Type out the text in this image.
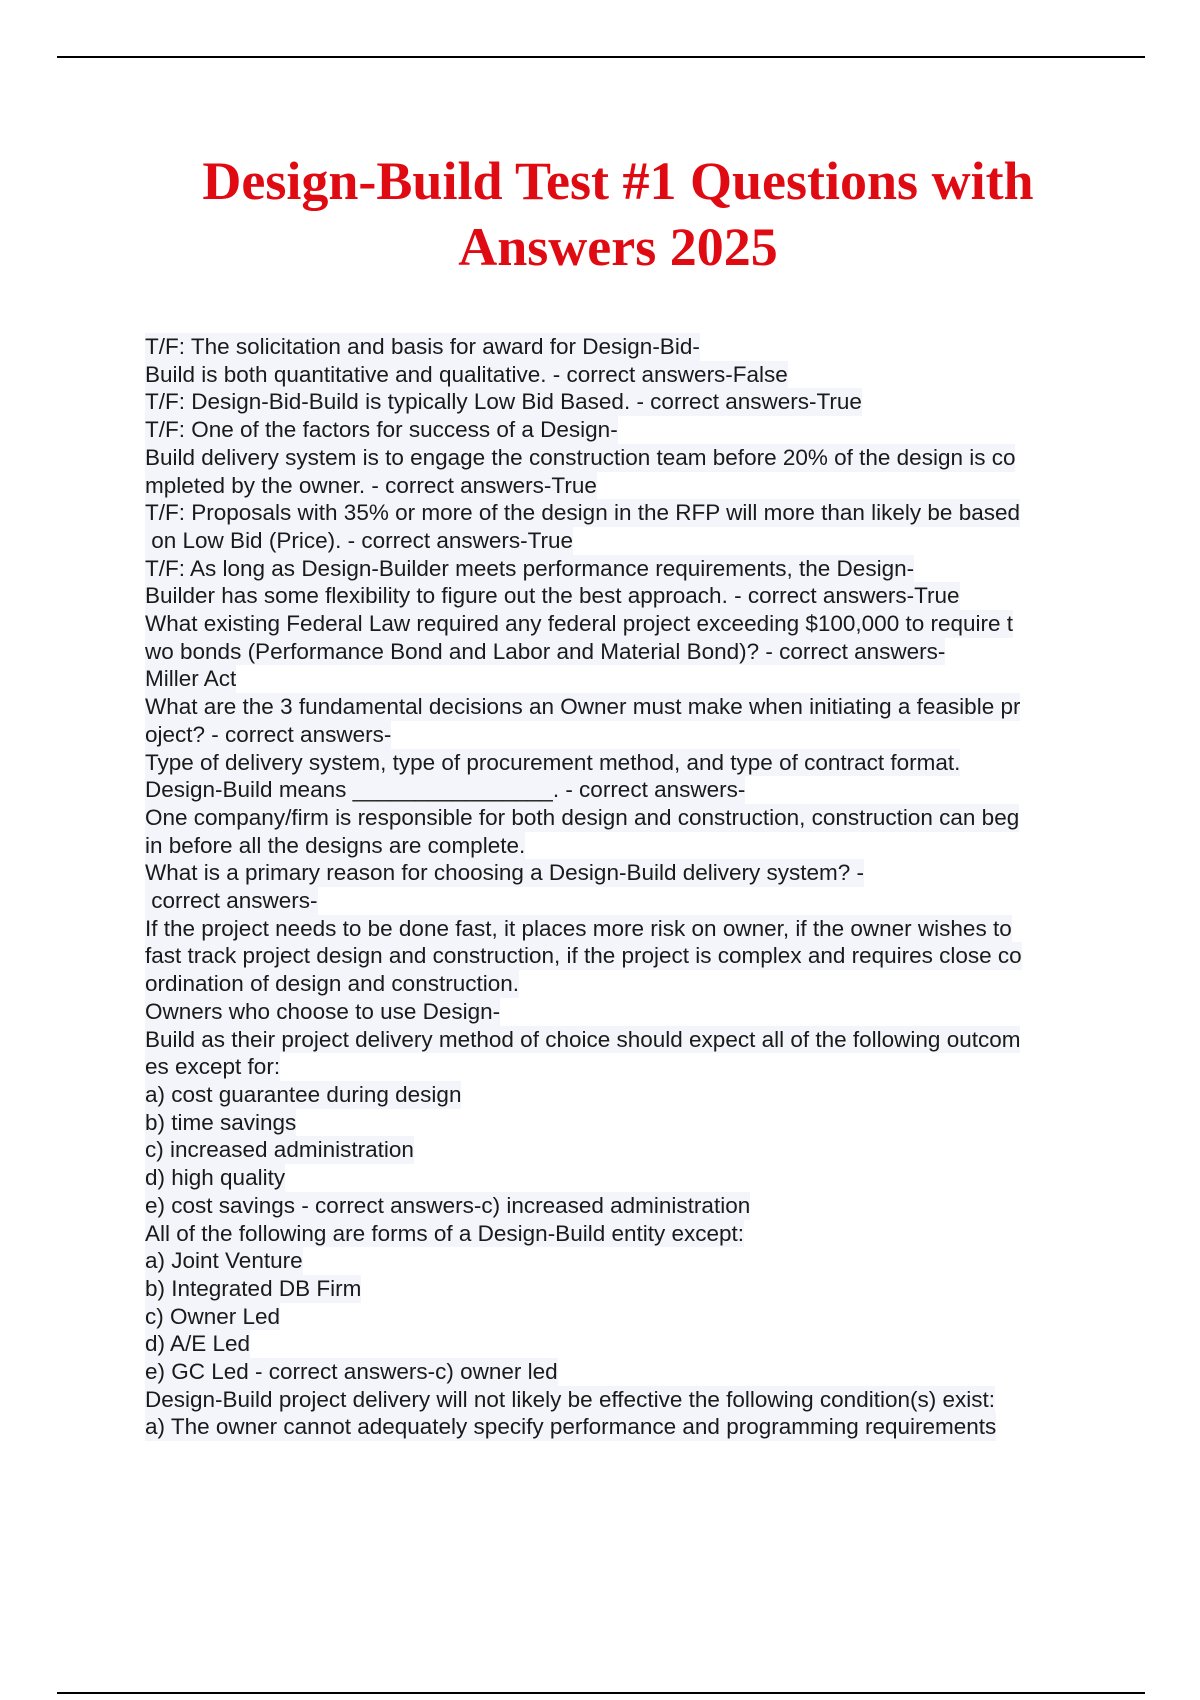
Design-Build Test #1 Questions with
Answers 2025
T/F: The solicitation and basis for award for Design-Bid-
Build is both quantitative and qualitative. - correct answers-False
T/F: Design-Bid-Build is typically Low Bid Based. - correct answers-True
T/F: One of the factors for success of a Design-
Build delivery system is to engage the construction team before 20% of the design is co
mpleted by the owner. - correct answers-True
T/F: Proposals with 35% or more of the design in the RFP will more than likely be based
on Low Bid (Price). - correct answers-True
T/F: As long as Design-Builder meets performance requirements, the Design-
Builder has some flexibility to figure out the best approach. - correct answers-True
What existing Federal Law required any federal project exceeding $100,000 to require t
wo bonds (Performance Bond and Labor and Material Bond)? - correct answers-
Miller Act
What are the 3 fundamental decisions an Owner must make when initiating a feasible pr
oject? - correct answers-
Type of delivery system, type of procurement method, and type of contract format.
Design-Build means ________________. - correct answers-
One company/firm is responsible for both design and construction, construction can beg
in before all the designs are complete.
What is a primary reason for choosing a Design-Build delivery system? -
correct answers-
If the project needs to be done fast, it places more risk on owner, if the owner wishes to
fast track project design and construction, if the project is complex and requires close co
ordination of design and construction.
Owners who choose to use Design-
Build as their project delivery method of choice should expect all of the following outcom
es except for:
a) cost guarantee during design
b) time savings
c) increased administration
d) high quality
e) cost savings - correct answers-c) increased administration
All of the following are forms of a Design-Build entity except:
a) Joint Venture
b) Integrated DB Firm
c) Owner Led
d) A/E Led
e) GC Led - correct answers-c) owner led
Design-Build project delivery will not likely be effective the following condition(s) exist:
a) The owner cannot adequately specify performance and programming requirements
